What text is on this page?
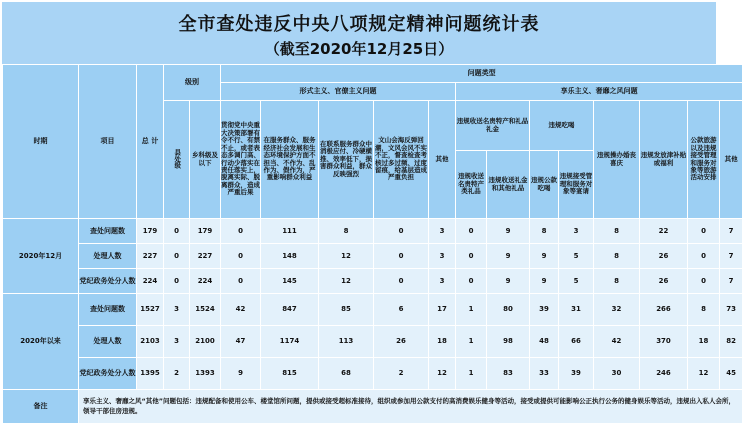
全市查处违反中央八项规定精神问题统计表
（截至2020年12月25日）
时期	项目	总 计	级别		问题类型												
					形式主义、官僚主义问题					享乐主义、奢靡之风问题							
			县处级	乡科级及以下	贯彻党中央重大决策部署有令不行、有禁不止，或者表态多调门高、行动少落实在责任落实上，脱离实际、脱离群众，造成严重后果	在服务群众、服务经济社会发展和生态环境保护方面不担当、不作为、乱作为、假作为，严重影响群众利益	在联系服务群众中消极应付、冷硬横推、效率低下，损害群众利益，群众反映强烈	文山会海反弹回潮，文风会风不实不正，督查检查考核过多过频、过度留痕，给基层造成严重负担	其他	违规收送名贵特产和礼品礼金		违规吃喝		违规操办婚丧喜庆	违规发放津补贴或福利	公款旅游以及违规接受管理和服务对象等旅游活动安排	其他
										违规收送名贵特产类礼品	违规收送礼金和其他礼品	违规公款吃喝	违规接受管理和服务对象等宴请				
2020年12月	查处问题数	179	0	179	0	111	8	0	3	0	9	8	3	8	22	0	7
	处理人数	227	0	227	0	148	12	0	3	0	9	9	5	8	26	0	7
	党纪政务处分人数	224	0	224	0	145	12	0	3	0	9	9	5	8	26	0	7
2020年以来	查处问题数	1527	3	1524	42	847	85	6	17	1	80	39	31	32	266	8	73
	处理人数	2103	3	2100	47	1174	113	26	18	1	98	48	66	42	370	18	82
	党纪政务处分人数	1395	2	1393	9	815	68	2	12	1	83	33	39	30	246	12	45
备注	享乐主义、奢靡之风“其他”问题包括：违规配备和使用公车、楼堂馆所问题，提供或接受超标准接待，组织或参加用公款支付的高消费娱乐健身等活动，接受或提供可能影响公正执行公务的健身娱乐等活动，违规出入私人会所，领导干部住房违规。																
